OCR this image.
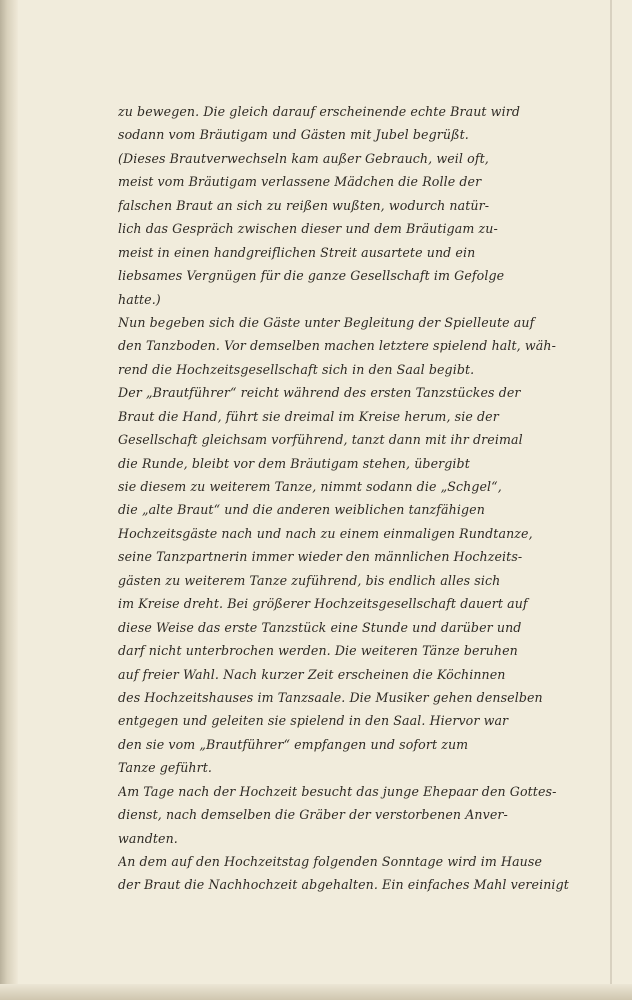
zu bewegen. Die gleich darauf erscheinende echte Braut wird
sodann vom Bräutigam und Gästen mit Jubel begrüßt.
(Dieses Brautverwechseln kam außer Gebrauch, weil oft,
meist vom Bräutigam verlassene Mädchen die Rolle der
falschen Braut an sich zu reißen wußten, wodurch natür-
lich das Gespräch zwischen dieser und dem Bräutigam zu-
meist in einen handgreiflichen Streit ausartete und ein
liebsames Vergnügen für die ganze Gesellschaft im Gefolge
hatte.)
Nun begeben sich die Gäste unter Begleitung der Spielleute auf
den Tanzboden. Vor demselben machen letztere spielend halt, wäh-
rend die Hochzeitsgesellschaft sich in den Saal begibt.
Der „Brautführer“ reicht während des ersten Tanzstückes der
Braut die Hand, führt sie dreimal im Kreise herum, sie der
Gesellschaft gleichsam vorführend, tanzt dann mit ihr dreimal
die Runde, bleibt vor dem Bräutigam stehen, übergibt
sie diesem zu weiterem Tanze, nimmt sodann die „Schgel“,
die „alte Braut“ und die anderen weiblichen tanzfähigen
Hochzeitsgäste nach und nach zu einem einmaligen Rundtanze,
seine Tanzpartnerin immer wieder den männlichen Hochzeits-
gästen zu weiterem Tanze zuführend, bis endlich alles sich
im Kreise dreht. Bei größerer Hochzeitsgesellschaft dauert auf
diese Weise das erste Tanzstück eine Stunde und darüber und
darf nicht unterbrochen werden. Die weiteren Tänze beruhen
auf freier Wahl. Nach kurzer Zeit erscheinen die Köchinnen
des Hochzeitshauses im Tanzsaale. Die Musiker gehen denselben
entgegen und geleiten sie spielend in den Saal. Hiervor war
den sie vom „Brautführer“ empfangen und sofort zum
Tanze geführt.
Am Tage nach der Hochzeit besucht das junge Ehepaar den Gottes-
dienst, nach demselben die Gräber der verstorbenen Anver-
wandten.
An dem auf den Hochzeitstag folgenden Sonntage wird im Hause
der Braut die Nachhochzeit abgehalten. Ein einfaches Mahl vereinigt
